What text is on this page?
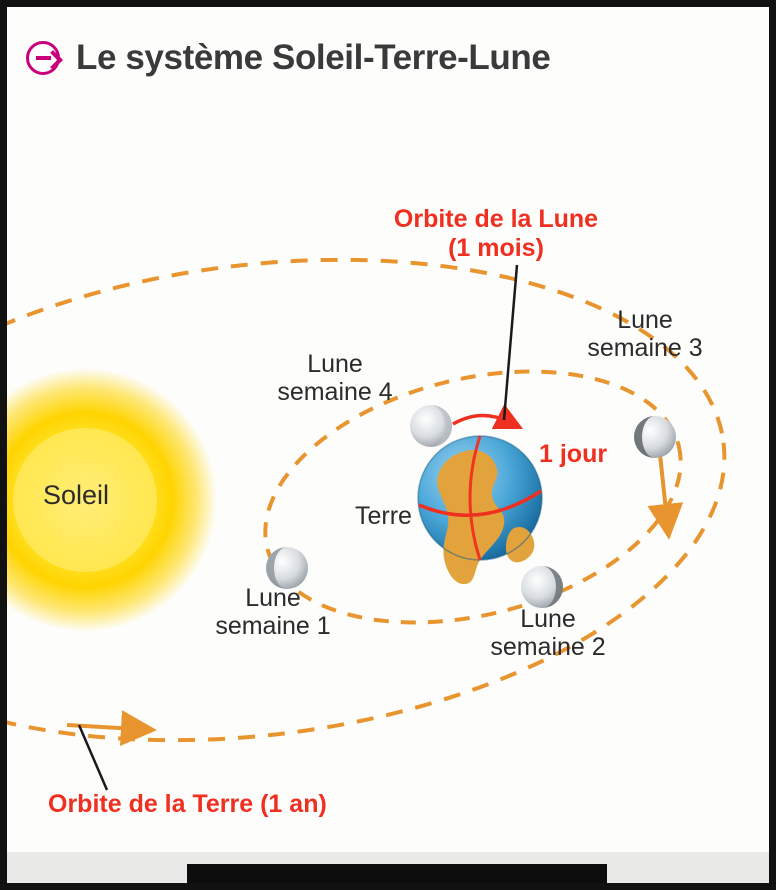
Le système Soleil-Terre-Lune
Soleil
Terre
Lune
semaine 1	Lune
semaine 2
Lune
semaine 3
Lune
semaine 4
Orbite de la Lune
(1 mois)
Orbite de la Terre (1 an)
1 jour
